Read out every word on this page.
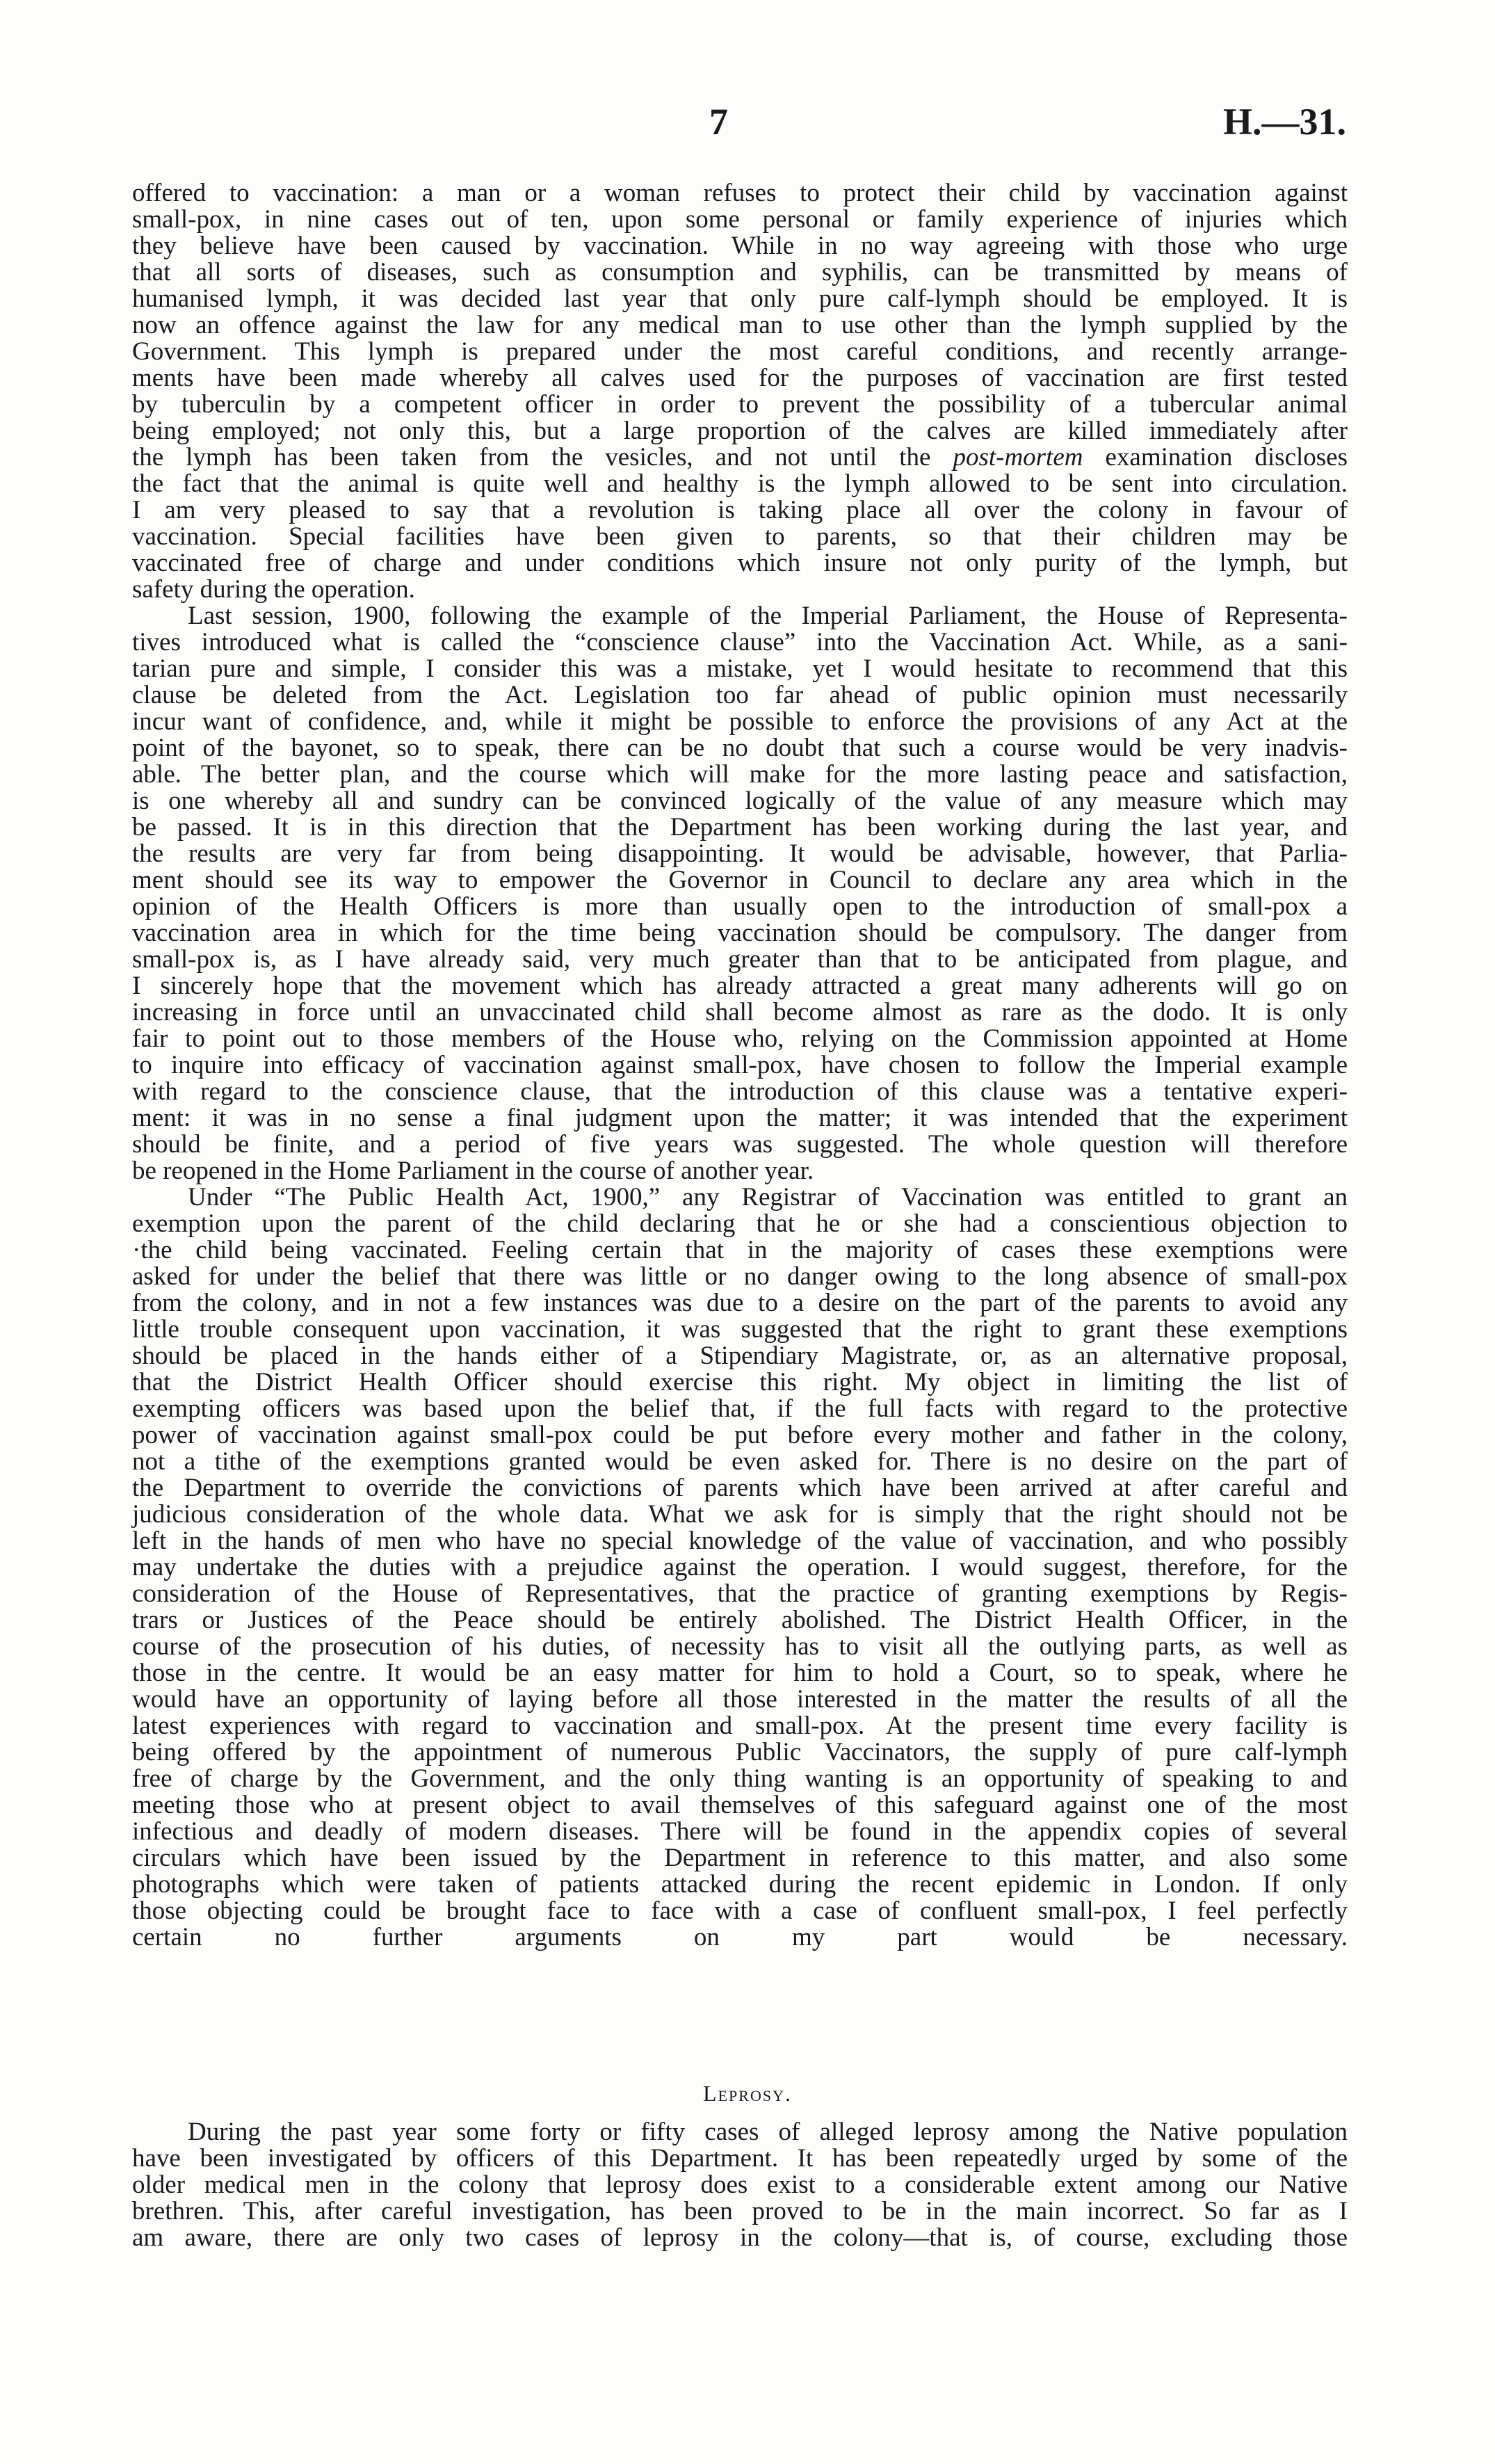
7	H.—31.
offered to vaccination: a man or a woman refuses to protect their child by vaccination against
small-pox, in nine cases out of ten, upon some personal or family experience of injuries which
they believe have been caused by vaccination. While in no way agreeing with those who urge
that all sorts of diseases, such as consumption and syphilis, can be transmitted by means of
humanised lymph, it was decided last year that only pure calf-lymph should be employed. It is
now an offence against the law for any medical man to use other than the lymph supplied by the
Government. This lymph is prepared under the most careful conditions, and recently arrange-
ments have been made whereby all calves used for the purposes of vaccination are first tested
by tuberculin by a competent officer in order to prevent the possibility of a tubercular animal
being employed; not only this, but a large proportion of the calves are killed immediately after
the lymph has been taken from the vesicles, and not until the post-mortem examination discloses
the fact that the animal is quite well and healthy is the lymph allowed to be sent into circulation.
I am very pleased to say that a revolution is taking place all over the colony in favour of
vaccination. Special facilities have been given to parents, so that their children may be
vaccinated free of charge and under conditions which insure not only purity of the lymph, but
safety during the operation.
Last session, 1900, following the example of the Imperial Parliament, the House of Representa-
tives introduced what is called the “conscience clause” into the Vaccination Act. While, as a sani-
tarian pure and simple, I consider this was a mistake, yet I would hesitate to recommend that this
clause be deleted from the Act. Legislation too far ahead of public opinion must necessarily
incur want of confidence, and, while it might be possible to enforce the provisions of any Act at the
point of the bayonet, so to speak, there can be no doubt that such a course would be very inadvis-
able. The better plan, and the course which will make for the more lasting peace and satisfaction,
is one whereby all and sundry can be convinced logically of the value of any measure which may
be passed. It is in this direction that the Department has been working during the last year, and
the results are very far from being disappointing. It would be advisable, however, that Parlia-
ment should see its way to empower the Governor in Council to declare any area which in the
opinion of the Health Officers is more than usually open to the introduction of small-pox a
vaccination area in which for the time being vaccination should be compulsory. The danger from
small-pox is, as I have already said, very much greater than that to be anticipated from plague, and
I sincerely hope that the movement which has already attracted a great many adherents will go on
increasing in force until an unvaccinated child shall become almost as rare as the dodo. It is only
fair to point out to those members of the House who, relying on the Commission appointed at Home
to inquire into efficacy of vaccination against small-pox, have chosen to follow the Imperial example
with regard to the conscience clause, that the introduction of this clause was a tentative experi-
ment: it was in no sense a final judgment upon the matter; it was intended that the experiment
should be finite, and a period of five years was suggested. The whole question will therefore
be reopened in the Home Parliament in the course of another year.
Under “The Public Health Act, 1900,” any Registrar of Vaccination was entitled to grant an
exemption upon the parent of the child declaring that he or she had a conscientious objection to
·the child being vaccinated. Feeling certain that in the majority of cases these exemptions were
asked for under the belief that there was little or no danger owing to the long absence of small-pox
from the colony, and in not a few instances was due to a desire on the part of the parents to avoid any
little trouble consequent upon vaccination, it was suggested that the right to grant these exemptions
should be placed in the hands either of a Stipendiary Magistrate, or, as an alternative proposal,
that the District Health Officer should exercise this right. My object in limiting the list of
exempting officers was based upon the belief that, if the full facts with regard to the protective
power of vaccination against small-pox could be put before every mother and father in the colony,
not a tithe of the exemptions granted would be even asked for. There is no desire on the part of
the Department to override the convictions of parents which have been arrived at after careful and
judicious consideration of the whole data. What we ask for is simply that the right should not be
left in the hands of men who have no special knowledge of the value of vaccination, and who possibly
may undertake the duties with a prejudice against the operation. I would suggest, therefore, for the
consideration of the House of Representatives, that the practice of granting exemptions by Regis-
trars or Justices of the Peace should be entirely abolished. The District Health Officer, in the
course of the prosecution of his duties, of necessity has to visit all the outlying parts, as well as
those in the centre. It would be an easy matter for him to hold a Court, so to speak, where he
would have an opportunity of laying before all those interested in the matter the results of all the
latest experiences with regard to vaccination and small-pox. At the present time every facility is
being offered by the appointment of numerous Public Vaccinators, the supply of pure calf-lymph
free of charge by the Government, and the only thing wanting is an opportunity of speaking to and
meeting those who at present object to avail themselves of this safeguard against one of the most
infectious and deadly of modern diseases. There will be found in the appendix copies of several
circulars which have been issued by the Department in reference to this matter, and also some
photographs which were taken of patients attacked during the recent epidemic in London. If only
those objecting could be brought face to face with a case of confluent small-pox, I feel perfectly
certain no further arguments on my part would be necessary.
Leprosy.
During the past year some forty or fifty cases of alleged leprosy among the Native population
have been investigated by officers of this Department. It has been repeatedly urged by some of the
older medical men in the colony that leprosy does exist to a considerable extent among our Native
brethren. This, after careful investigation, has been proved to be in the main incorrect. So far as I
am aware, there are only two cases of leprosy in the colony—that is, of course, excluding those
